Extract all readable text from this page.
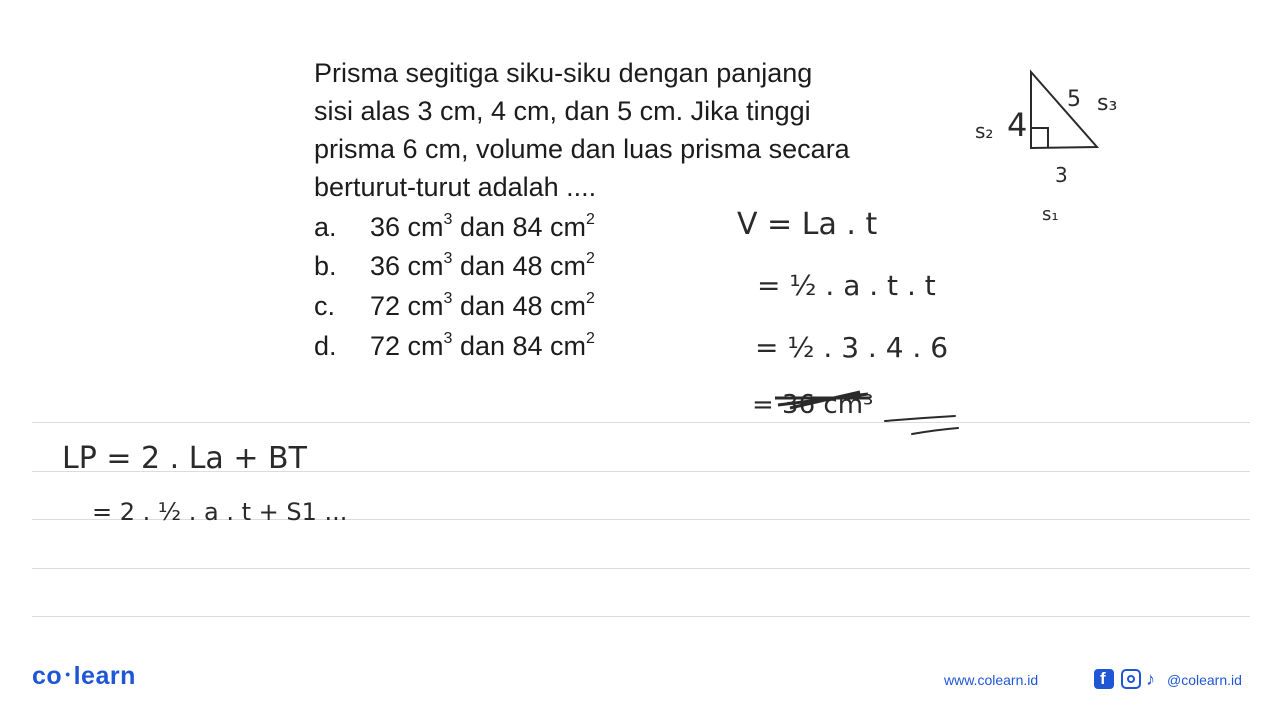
Prisma segitiga siku-siku dengan panjang
sisi alas 3 cm, 4 cm, dan 5 cm. Jika tinggi
prisma 6 cm, volume dan luas prisma secara
berturut-turut adalah ....
a. 36 $cm^3$ dan 84 $cm^2$
b. 36 $cm^3$ dan 48 $cm^2$
c. 72 $cm^3$ dan 48 $cm^2$
d. 72 $cm^3$ dan 84 $cm^2$
s₂ 4
5 s₃
3
s₁
V = La . t
= ½ . a . t . t
= ½ . 3 . 4 . 6
= 36 cm³
LP = 2 . La + BT
= 2 . ½ . a . t + S1 ...
co • learn	www.colearn.id	f ♪ @colearn.id
